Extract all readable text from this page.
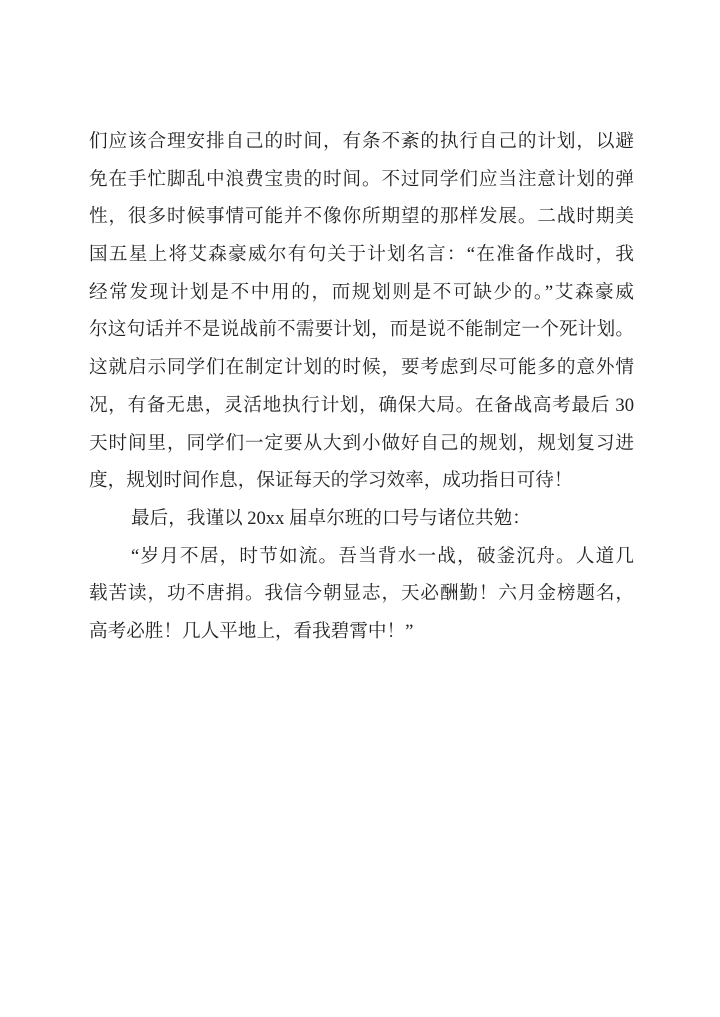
们应该合理安排自己的时间，有条不紊的执行自己的计划，以避
免在手忙脚乱中浪费宝贵的时间。不过同学们应当注意计划的弹
性，很多时候事情可能并不像你所期望的那样发展。二战时期美
国五星上将艾森豪威尔有句关于计划名言：“在准备作战时，我
经常发现计划是不中用的，而规划则是不可缺少的。”艾森豪威
尔这句话并不是说战前不需要计划，而是说不能制定一个死计划。
这就启示同学们在制定计划的时候，要考虑到尽可能多的意外情
况，有备无患，灵活地执行计划，确保大局。在备战高考最后 30
天时间里，同学们一定要从大到小做好自己的规划，规划复习进
度，规划时间作息，保证每天的学习效率，成功指日可待！
最后，我谨以 20xx 届卓尔班的口号与诸位共勉：
“岁月不居，时节如流。吾当背水一战，破釜沉舟。人道几
载苦读，功不唐捐。我信今朝显志，天必酬勤！六月金榜题名，
高考必胜！几人平地上，看我碧霄中！”
